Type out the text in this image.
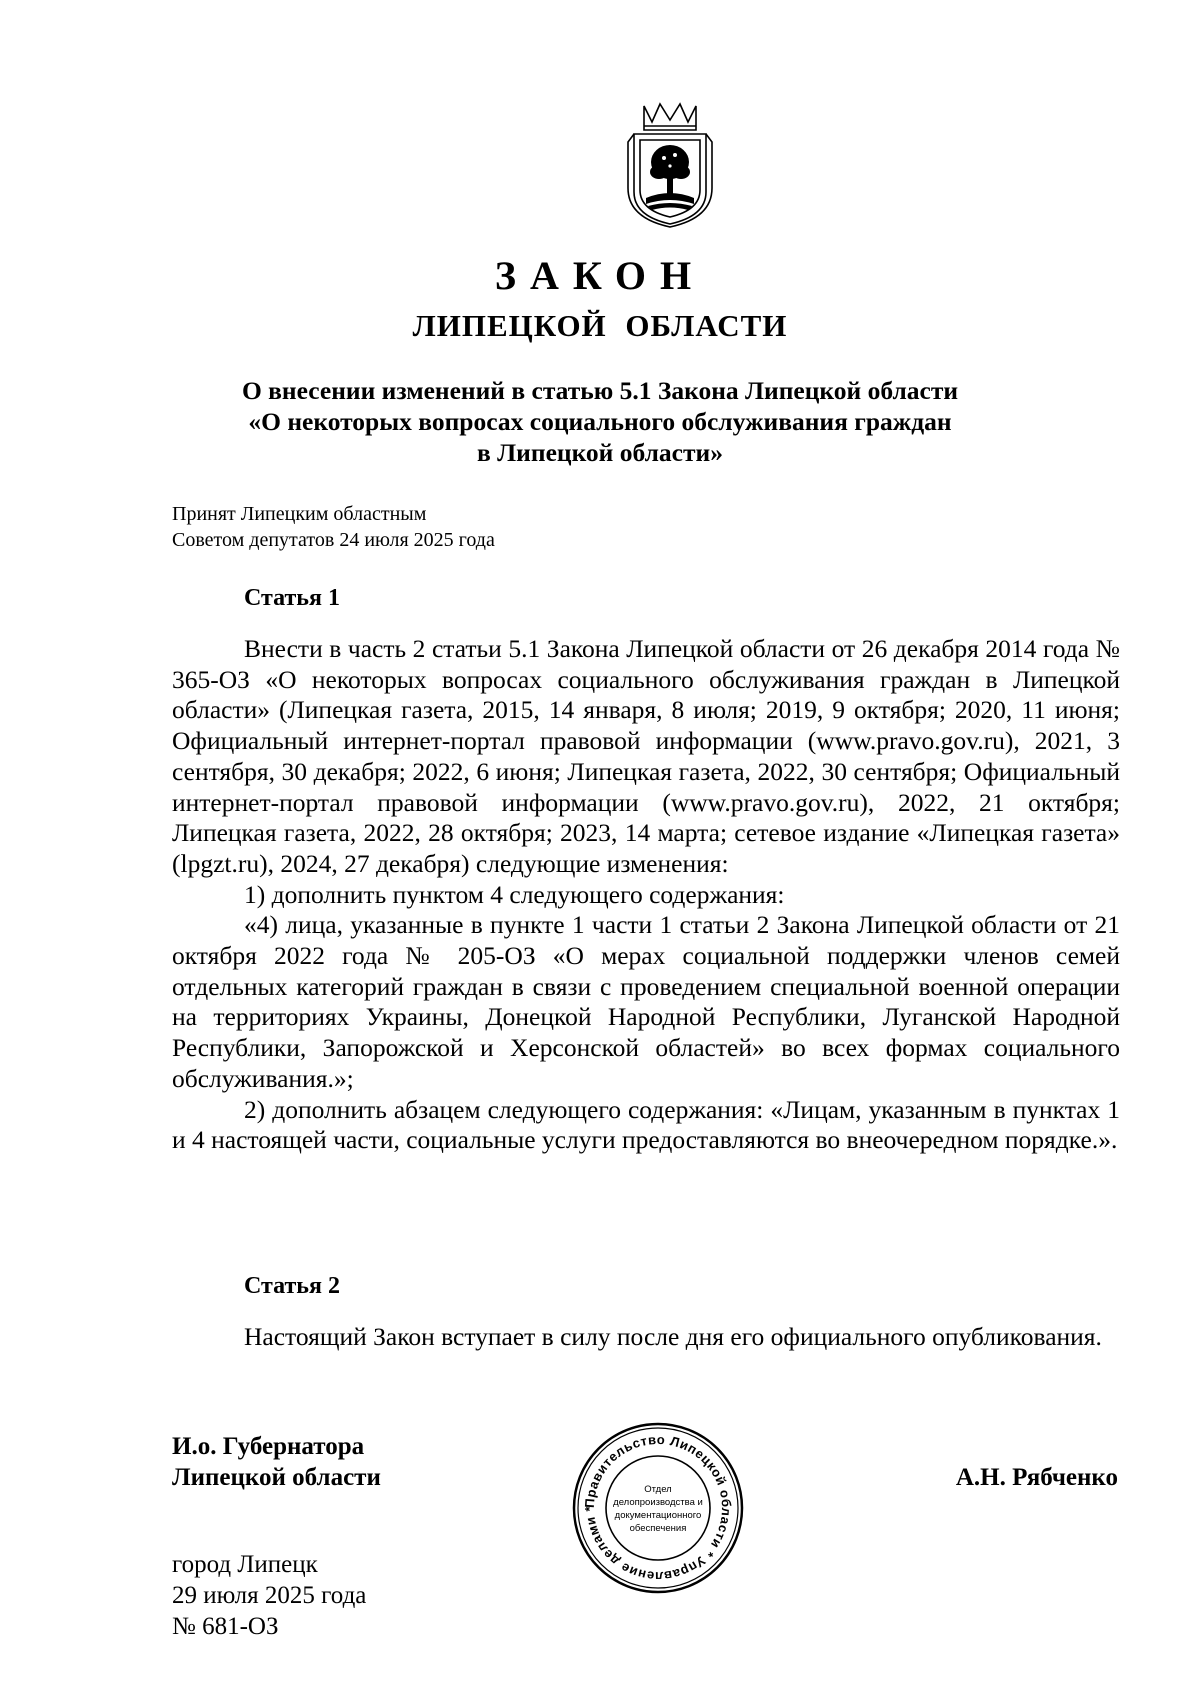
ЗАКОН
ЛИПЕЦКОЙ ОБЛАСТИ
О внесении изменений в статью 5.1 Закона Липецкой области
«О некоторых вопросах социального обслуживания граждан
в Липецкой области»
Принят Липецким областным
Советом депутатов 24 июля 2025 года
Статья 1

Внести в часть 2 статьи 5.1 Закона Липецкой области от 26 декабря 2014 года № 365-ОЗ «О некоторых вопросах социального обслуживания граждан в Липецкой области» (Липецкая газета, 2015, 14 января, 8 июля; 2019, 9 октября; 2020, 11 июня; Официальный интернет-портал правовой информации (www.pravo.gov.ru), 2021, 3 сентября, 30 декабря; 2022, 6 июня; Липецкая газета, 2022, 30 сентября; Официальный интернет-портал правовой информации (www.pravo.gov.ru), 2022, 21 октября; Липецкая газета, 2022, 28 октября; 2023, 14 марта; сетевое издание «Липецкая газета» (lpgzt.ru), 2024, 27 декабря) следующие изменения:

1) дополнить пунктом 4 следующего содержания:

«4) лица, указанные в пункте 1 части 1 статьи 2 Закона Липецкой области от 21 октября 2022 года № 205-ОЗ «О мерах социальной поддержки членов семей отдельных категорий граждан в связи с проведением специальной военной операции на территориях Украины, Донецкой Народной Республики, Луганской Народной Республики, Запорожской и Херсонской областей» во всех формах социального обслуживания.»;

2) дополнить абзацем следующего содержания: «Лицам, указанным в пунктах 1 и 4 настоящей части, социальные услуги предоставляются во внеочередном порядке.».

Статья 2

Настоящий Закон вступает в силу после дня его официального опубликования.

И.о. Губернатора
Липецкой области	А.Н. Рябченко
город Липецк
29 июля 2025 года
№ 681-ОЗ
Правительство Липецкой области * Управление делами *
Отдел
делопроизводства и
документационного
обеспечения
